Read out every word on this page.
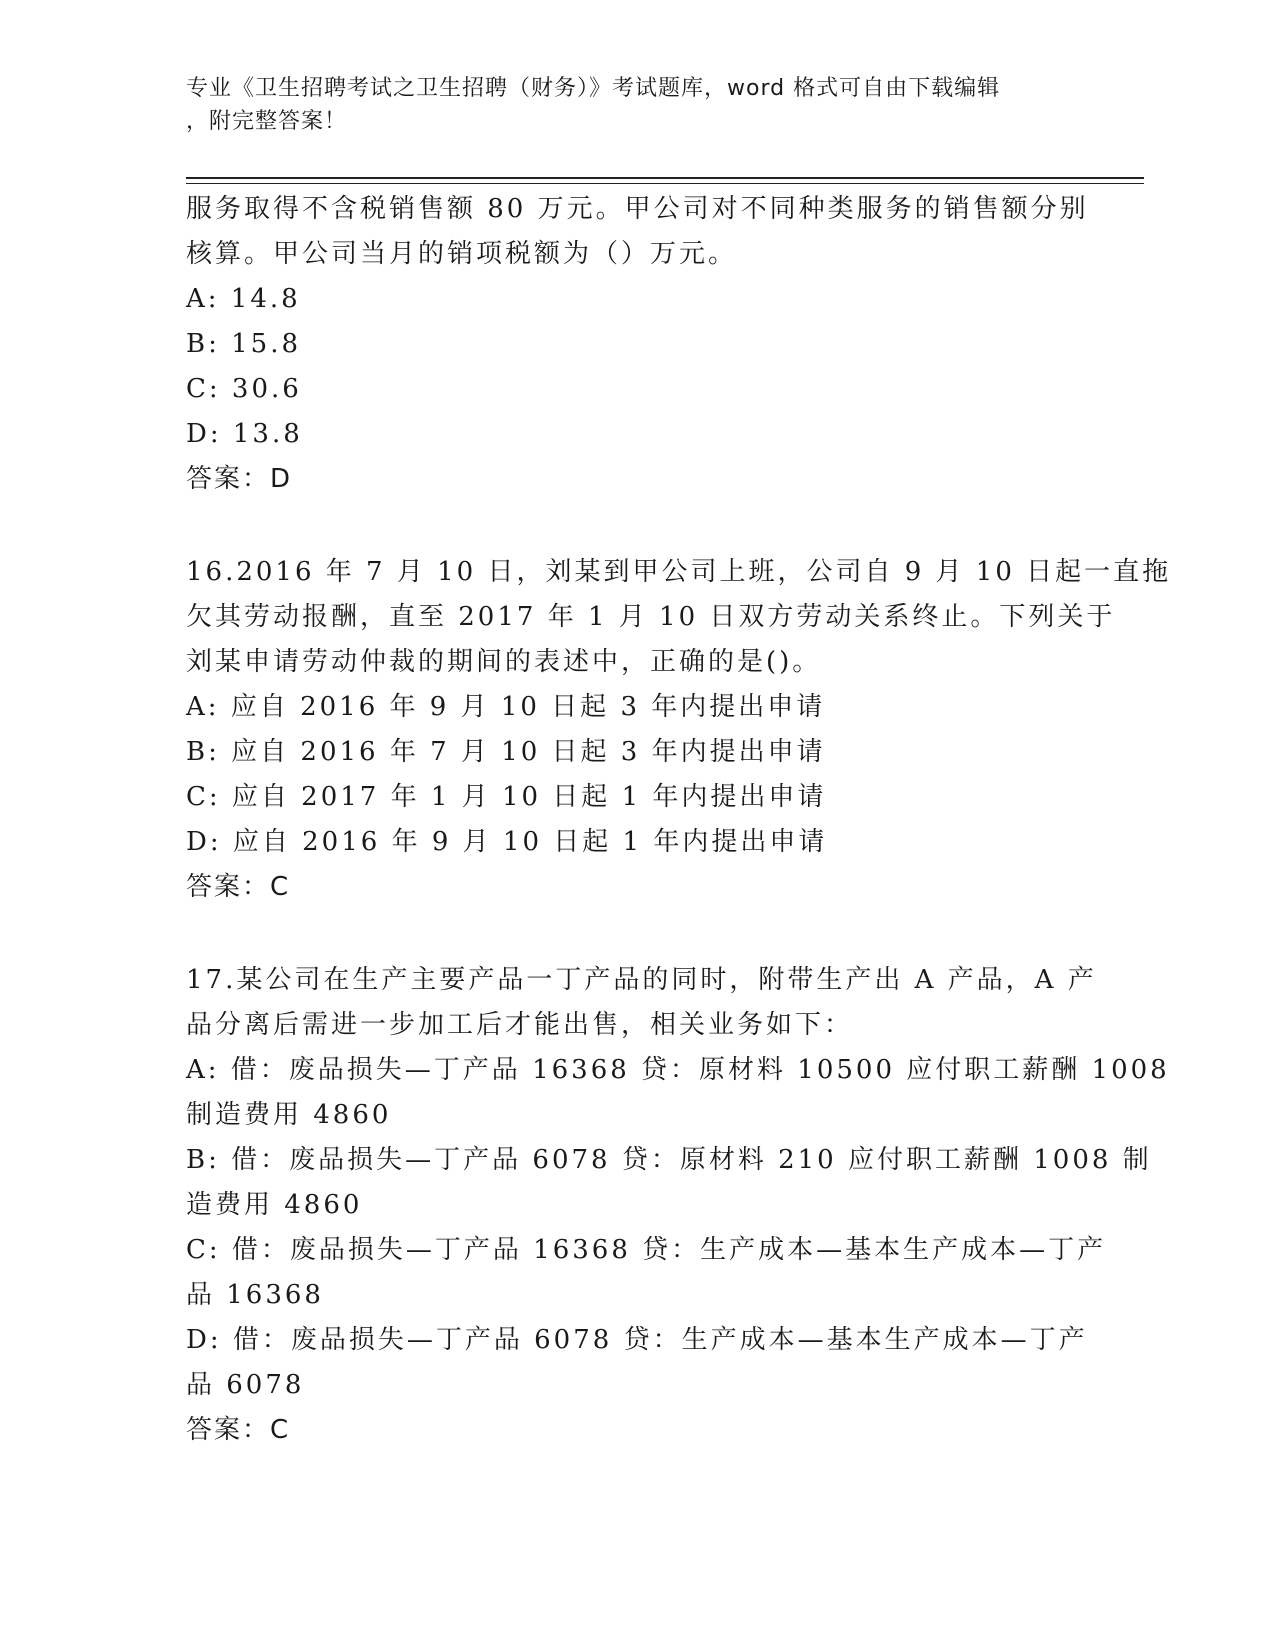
专业《卫生招聘考试之卫生招聘（财务）》考试题库，word 格式可自由下载编辑
，附完整答案！
服务取得不含税销售额 80 万元。甲公司对不同种类服务的销售额分别
核算。甲公司当月的销项税额为（）万元。
A: 14.8
B: 15.8
C: 30.6
D: 13.8
答案：D
16.2016 年 7 月 10 日，刘某到甲公司上班，公司自 9 月 10 日起一直拖
欠其劳动报酬，直至 2017 年 1 月 10 日双方劳动关系终止。下列关于
刘某申请劳动仲裁的期间的表述中，正确的是()。
A: 应自 2016 年 9 月 10 日起 3 年内提出申请
B: 应自 2016 年 7 月 10 日起 3 年内提出申请
C: 应自 2017 年 1 月 10 日起 1 年内提出申请
D: 应自 2016 年 9 月 10 日起 1 年内提出申请
答案：C
17.某公司在生产主要产品一丁产品的同时，附带生产出 A 产品，A 产
品分离后需进一步加工后才能出售，相关业务如下：
A: 借：废品损失—丁产品 16368 贷：原材料 10500 应付职工薪酬 1008
制造费用 4860
B: 借：废品损失—丁产品 6078 贷：原材料 210 应付职工薪酬 1008 制
造费用 4860
C: 借：废品损失—丁产品 16368 贷：生产成本—基本生产成本—丁产
品 16368
D: 借：废品损失—丁产品 6078 贷：生产成本—基本生产成本—丁产
品 6078
答案：C
